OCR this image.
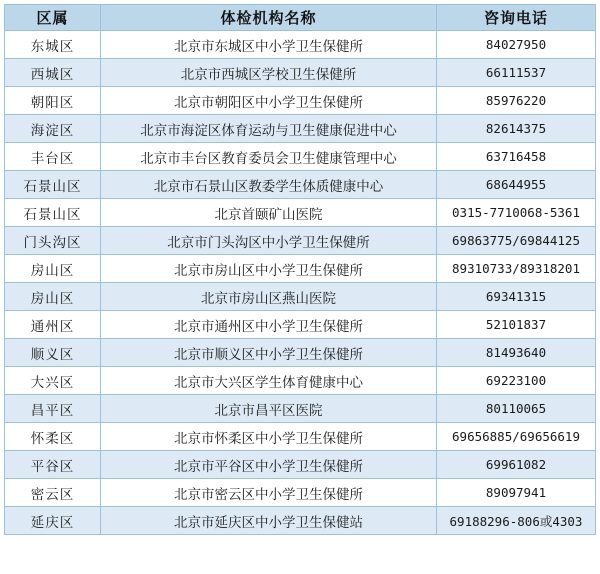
区属	体检机构名称	咨询电话
东城区	北京市东城区中小学卫生保健所	84027950
西城区	北京市西城区学校卫生保健所	66111537
朝阳区	北京市朝阳区中小学卫生保健所	85976220
海淀区	北京市海淀区体育运动与卫生健康促进中心	82614375
丰台区	北京市丰台区教育委员会卫生健康管理中心	63716458
石景山区	北京市石景山区教委学生体质健康中心	68644955
石景山区	北京首颐矿山医院	0315-7710068-5361
门头沟区	北京市门头沟区中小学卫生保健所	69863775/69844125
房山区	北京市房山区中小学卫生保健所	89310733/89318201
房山区	北京市房山区燕山医院	69341315
通州区	北京市通州区中小学卫生保健所	52101837
顺义区	北京市顺义区中小学卫生保健所	81493640
大兴区	北京市大兴区学生体育健康中心	69223100
昌平区	北京市昌平区医院	80110065
怀柔区	北京市怀柔区中小学卫生保健所	69656885/69656619
平谷区	北京市平谷区中小学卫生保健所	69961082
密云区	北京市密云区中小学卫生保健所	89097941
延庆区	北京市延庆区中小学卫生保健站	69188296-806或4303
